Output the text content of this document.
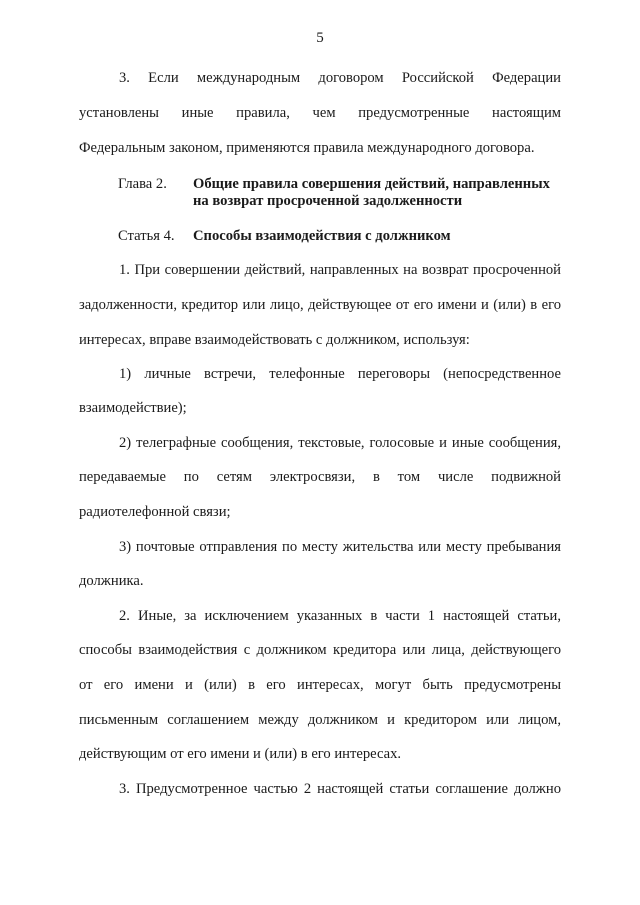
5
3. Если международным договором Российской Федерации
установлены иные правила, чем предусмотренные настоящим
Федеральным законом, применяются правила международного договора.
Глава 2. Общие правила совершения действий, направленных
на возврат просроченной задолженности
Статья 4. Способы взаимодействия с должником
1. При совершении действий, направленных на возврат просроченной
задолженности, кредитор или лицо, действующее от его имени и (или) в его
интересах, вправе взаимодействовать с должником, используя:
1) личные встречи, телефонные переговоры (непосредственное
взаимодействие);
2) телеграфные сообщения, текстовые, голосовые и иные сообщения,
передаваемые по сетям электросвязи, в том числе подвижной
радиотелефонной связи;
3) почтовые отправления по месту жительства или месту пребывания
должника.
2. Иные, за исключением указанных в части 1 настоящей статьи,
способы взаимодействия с должником кредитора или лица, действующего
от его имени и (или) в его интересах, могут быть предусмотрены
письменным соглашением между должником и кредитором или лицом,
действующим от его имени и (или) в его интересах.
3. Предусмотренное частью 2 настоящей статьи соглашение должно
